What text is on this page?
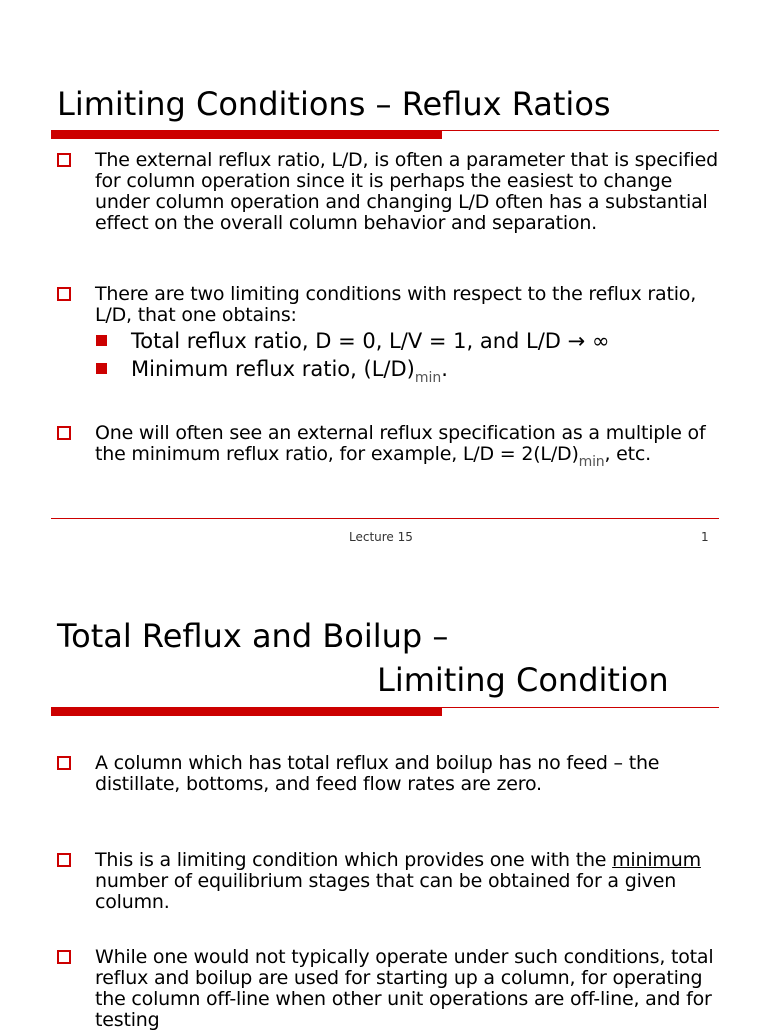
Limiting Conditions – Reflux Ratios
The external reflux ratio, L/D, is often a parameter that is specified for column operation since it is perhaps the easiest to change under column operation and changing L/D often has a substantial effect on the overall column behavior and separation.
There are two limiting conditions with respect to the reflux ratio, L/D, that one obtains:
Total reflux ratio, D = 0, L/V = 1, and L/D → ∞
Minimum reflux ratio, $(L/D)_{min}$.
One will often see an external reflux specification as a multiple of the minimum reflux ratio, for example, $L/D = 2(L/D)_{min}$, etc.
Lecture 15	1
Total Reflux and Boilup –
Limiting Condition
A column which has total reflux and boilup has no feed – the distillate, bottoms, and feed flow rates are zero.
This is a limiting condition which provides one with the minimum number of equilibrium stages that can be obtained for a given column.
While one would not typically operate under such conditions, total reflux and boilup are used for starting up a column, for operating the column off-line when other unit operations are off-line, and for testing
